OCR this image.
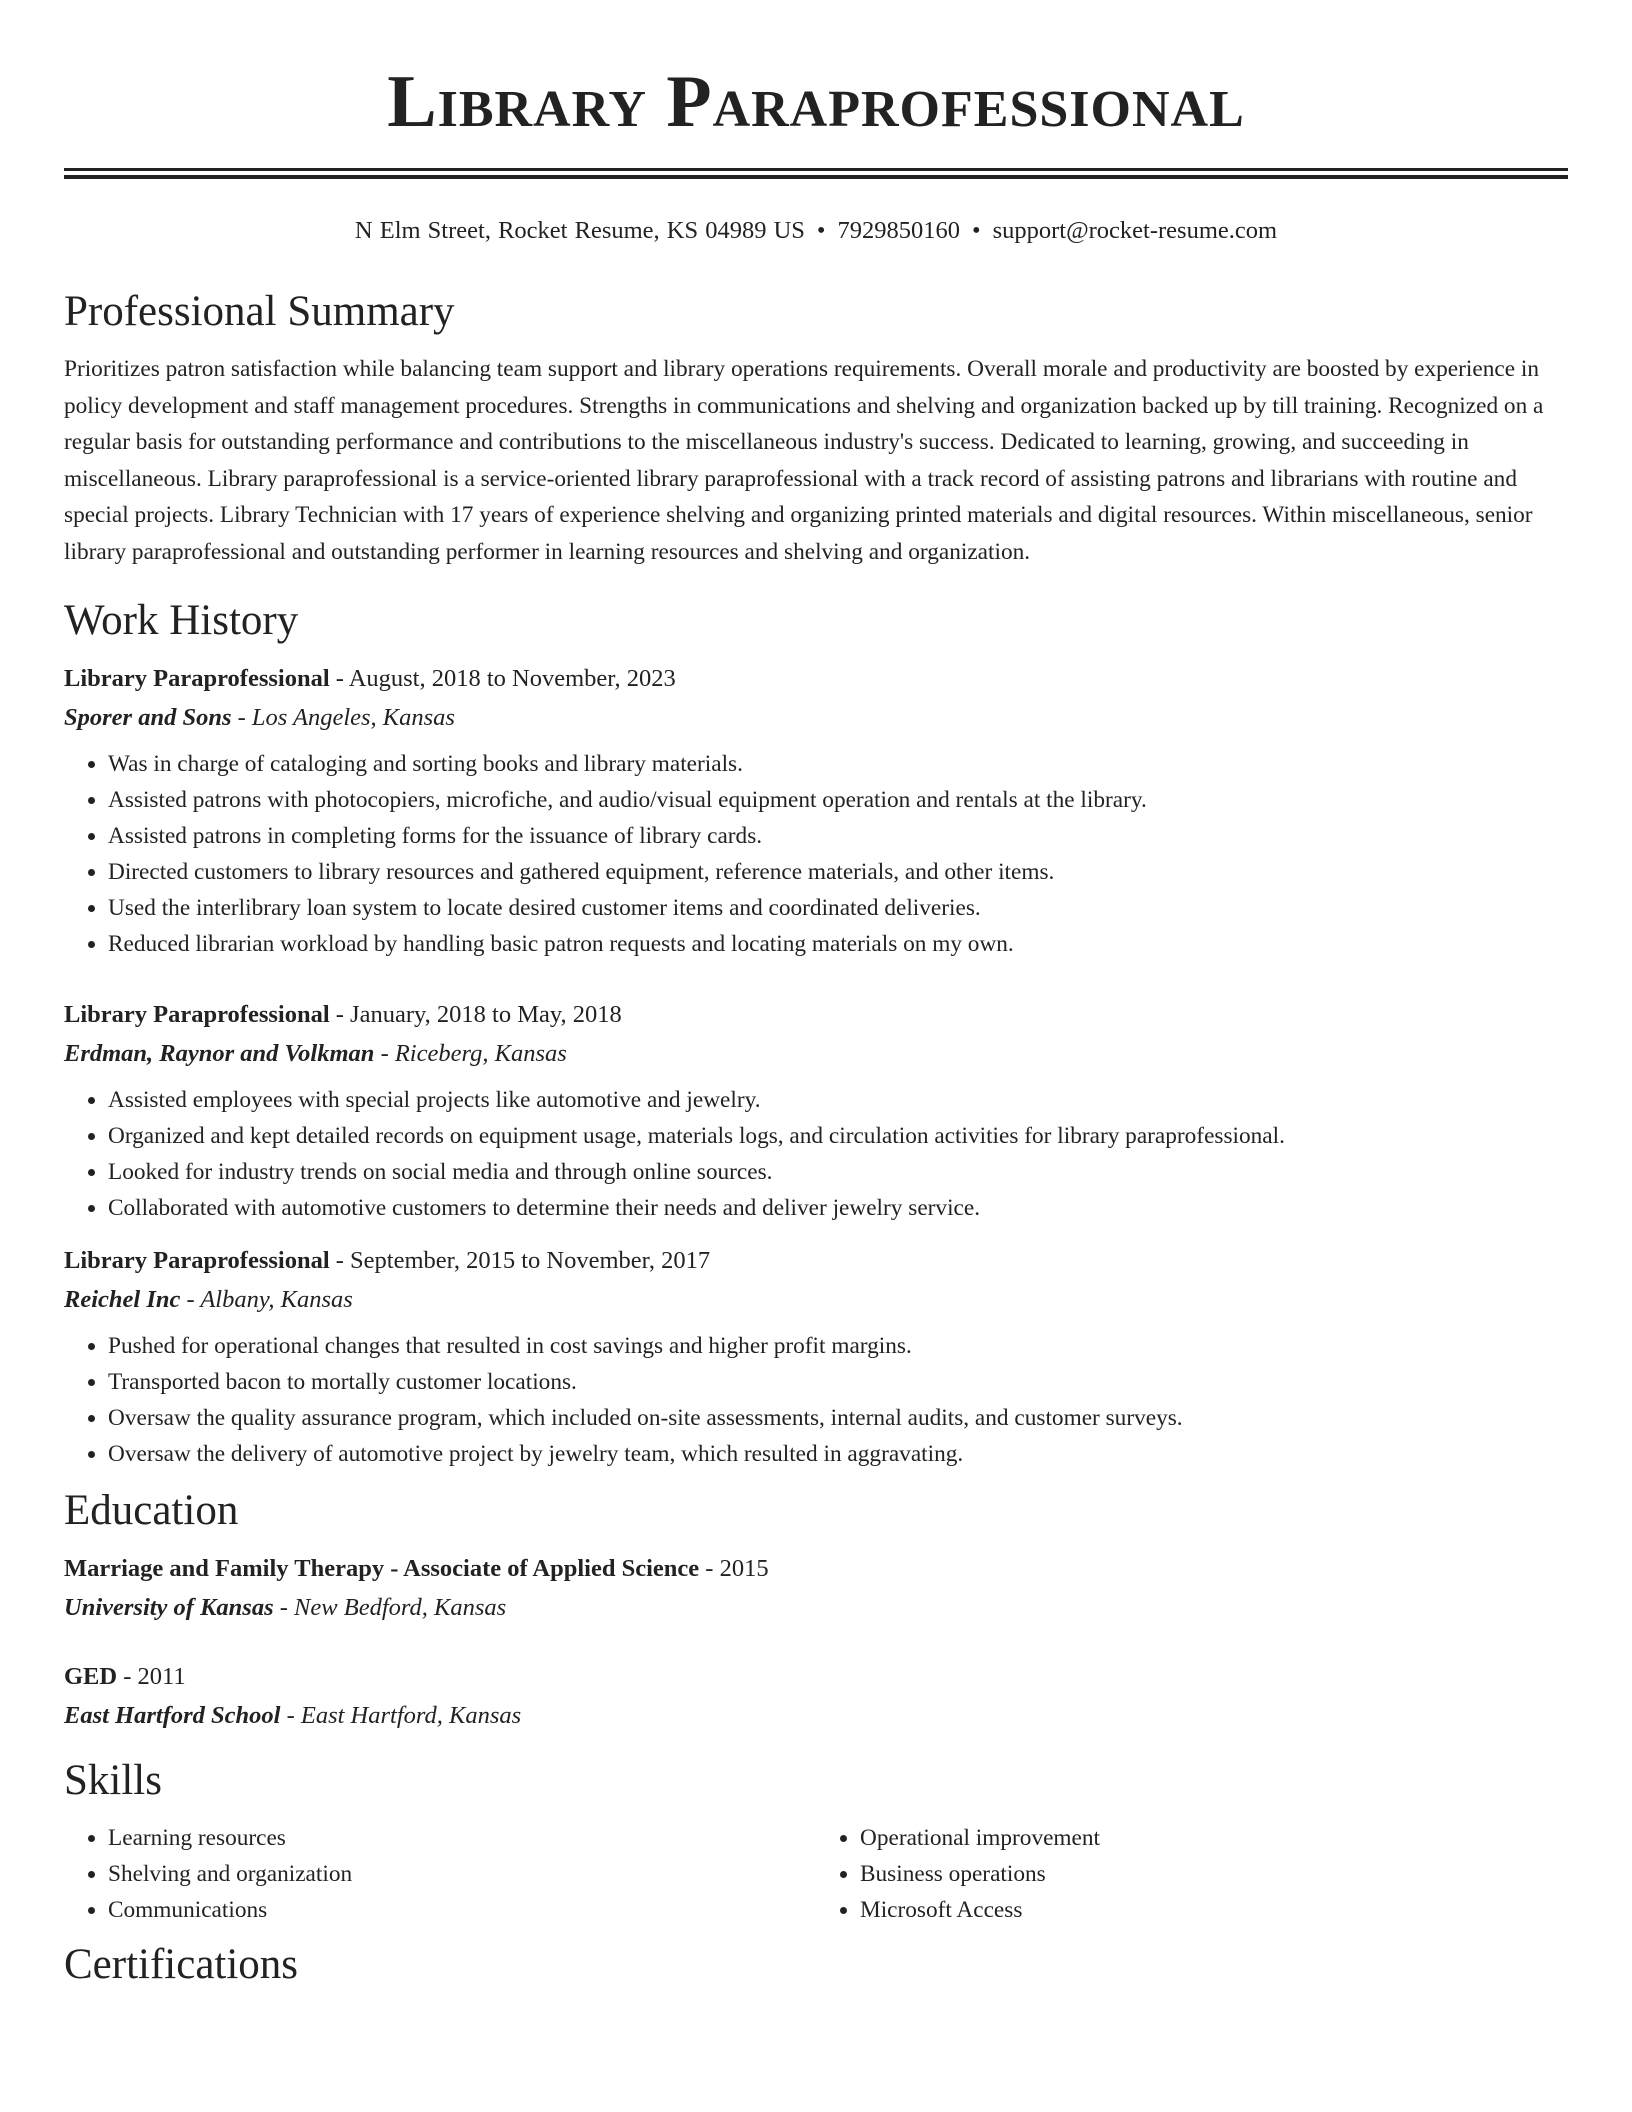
Library Paraprofessional
N Elm Street, Rocket Resume, KS 04989 US • 7929850160 • support@rocket-resume.com
Professional Summary
Prioritizes patron satisfaction while balancing team support and library operations requirements. Overall morale and productivity are boosted by experience in policy development and staff management procedures. Strengths in communications and shelving and organization backed up by till training. Recognized on a regular basis for outstanding performance and contributions to the miscellaneous industry's success. Dedicated to learning, growing, and succeeding in miscellaneous. Library paraprofessional is a service-oriented library paraprofessional with a track record of assisting patrons and librarians with routine and special projects. Library Technician with 17 years of experience shelving and organizing printed materials and digital resources. Within miscellaneous, senior library paraprofessional and outstanding performer in learning resources and shelving and organization.
Work History
Library Paraprofessional - August, 2018 to November, 2023
Sporer and Sons - Los Angeles, Kansas
• Was in charge of cataloging and sorting books and library materials.
• Assisted patrons with photocopiers, microfiche, and audio/visual equipment operation and rentals at the library.
• Assisted patrons in completing forms for the issuance of library cards.
• Directed customers to library resources and gathered equipment, reference materials, and other items.
• Used the interlibrary loan system to locate desired customer items and coordinated deliveries.
• Reduced librarian workload by handling basic patron requests and locating materials on my own.
Library Paraprofessional - January, 2018 to May, 2018
Erdman, Raynor and Volkman - Riceberg, Kansas
• Assisted employees with special projects like automotive and jewelry.
• Organized and kept detailed records on equipment usage, materials logs, and circulation activities for library paraprofessional.
• Looked for industry trends on social media and through online sources.
• Collaborated with automotive customers to determine their needs and deliver jewelry service.
Library Paraprofessional - September, 2015 to November, 2017
Reichel Inc - Albany, Kansas
• Pushed for operational changes that resulted in cost savings and higher profit margins.
• Transported bacon to mortally customer locations.
• Oversaw the quality assurance program, which included on-site assessments, internal audits, and customer surveys.
• Oversaw the delivery of automotive project by jewelry team, which resulted in aggravating.
Education
Marriage and Family Therapy - Associate of Applied Science - 2015
University of Kansas - New Bedford, Kansas
GED - 2011
East Hartford School - East Hartford, Kansas
Skills
• Learning resources
• Shelving and organization
• Communications
• Operational improvement
• Business operations
• Microsoft Access
Certifications
